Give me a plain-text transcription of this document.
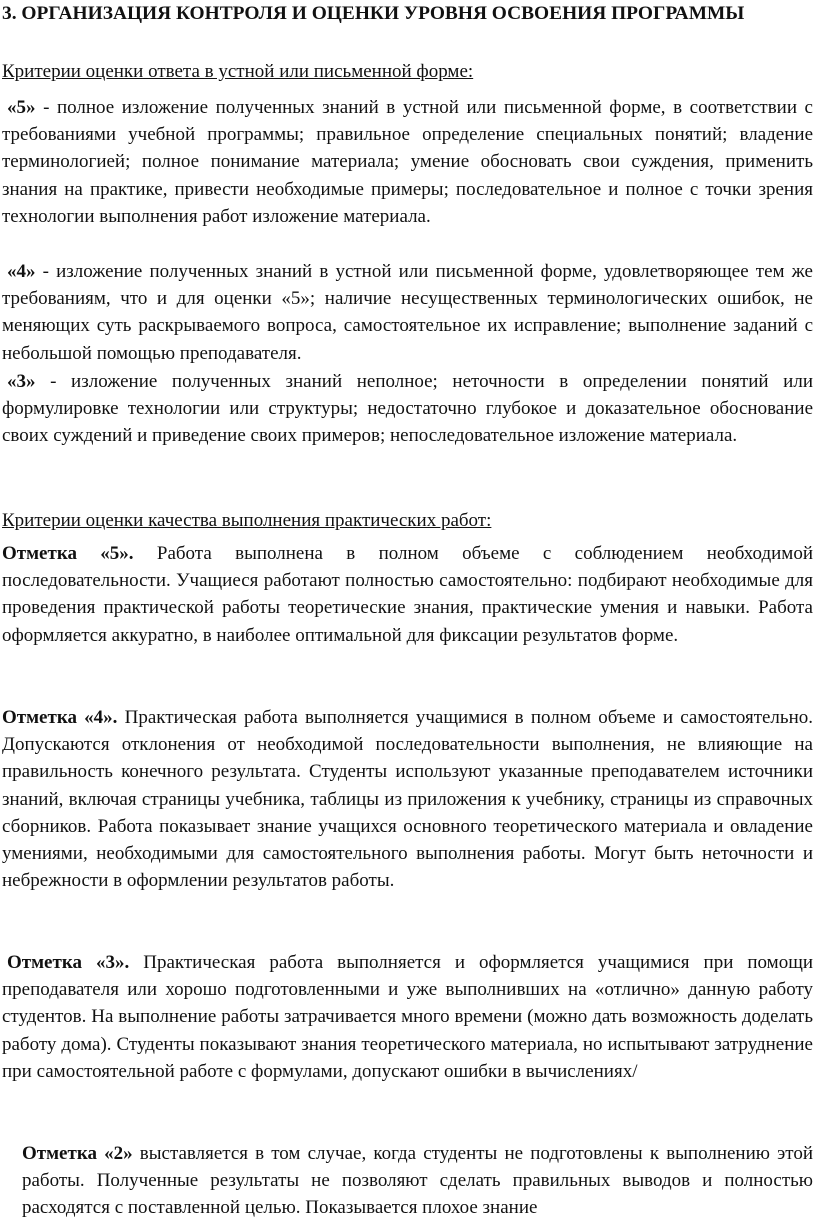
3. ОРГАНИЗАЦИЯ КОНТРОЛЯ И ОЦЕНКИ УРОВНЯ ОСВОЕНИЯ ПРОГРАММЫ
Критерии оценки ответа в устной или письменной форме:
«5» - полное изложение полученных знаний в устной или письменной форме, в соответствии с требованиями учебной программы; правильное определение специальных понятий; владение терминологией; полное понимание материала; умение обосновать свои суждения, применить знания на практике, привести необходимые примеры; последовательное и полное с точки зрения технологии выполнения работ изложение материала.
«4» - изложение полученных знаний в устной или письменной форме, удовлетворяющее тем же требованиям, что и для оценки «5»; наличие несущественных терминологических ошибок, не меняющих суть раскрываемого вопроса, самостоятельное их исправление; выполнение заданий с небольшой помощью преподавателя.
«3» - изложение полученных знаний неполное; неточности в определении понятий или формулировке технологии или структуры; недостаточно глубокое и доказательное обоснование своих суждений и приведение своих примеров; непоследовательное изложение материала.
Критерии оценки качества выполнения практических работ:
Отметка «5». Работа выполнена в полном объеме с соблюдением необходимой последовательности. Учащиеся работают полностью самостоятельно: подбирают необходимые для проведения практической работы теоретические знания, практические умения и навыки. Работа оформляется аккуратно, в наиболее оптимальной для фиксации результатов форме.
Отметка «4». Практическая работа выполняется учащимися в полном объеме и самостоятельно. Допускаются отклонения от необходимой последовательности выполнения, не влияющие на правильность конечного результата. Студенты используют указанные преподавателем источники знаний, включая страницы учебника, таблицы из приложения к учебнику, страницы из справочных сборников. Работа показывает знание учащихся основного теоретического материала и овладение умениями, необходимыми для самостоятельного выполнения работы. Могут быть неточности и небрежности в оформлении результатов работы.
Отметка «3». Практическая работа выполняется и оформляется учащимися при помощи преподавателя или хорошо подготовленными и уже выполнивших на «отлично» данную работу студентов. На выполнение работы затрачивается много времени (можно дать возможность доделать работу дома). Студенты показывают знания теоретического материала, но испытывают затруднение при самостоятельной работе с формулами, допускают ошибки в вычислениях/
Отметка «2» выставляется в том случае, когда студенты не подготовлены к выполнению этой работы. Полученные результаты не позволяют сделать правильных выводов и полностью расходятся с поставленной целью. Показывается плохое знание
